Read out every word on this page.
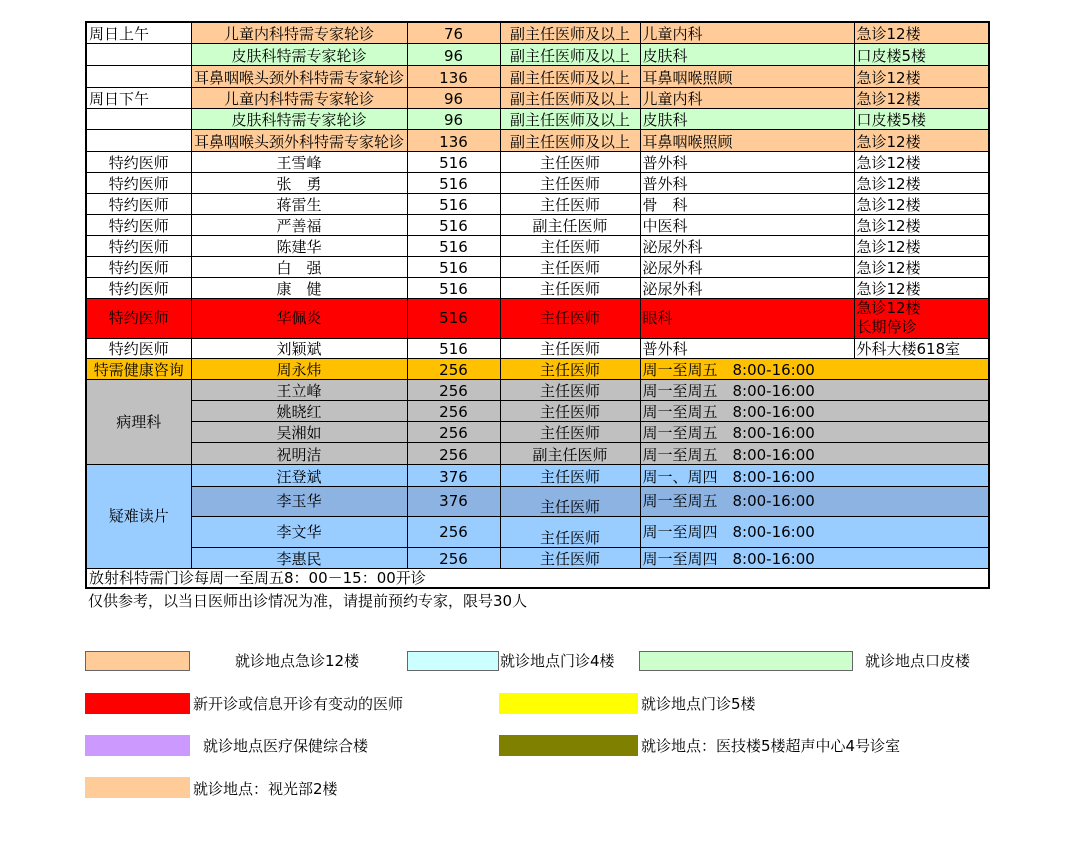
周日上午	儿童内科特需专家轮诊	76	副主任医师及以上	儿童内科	急诊12楼
	皮肤科特需专家轮诊	96	副主任医师及以上	皮肤科	口皮楼5楼
	耳鼻咽喉头颈外科特需专家轮诊	136	副主任医师及以上	耳鼻咽喉照顾	急诊12楼
周日下午	儿童内科特需专家轮诊	96	副主任医师及以上	儿童内科	急诊12楼
	皮肤科特需专家轮诊	96	副主任医师及以上	皮肤科	口皮楼5楼
	耳鼻咽喉头颈外科特需专家轮诊	136	副主任医师及以上	耳鼻咽喉照顾	急诊12楼
特约医师	王雪峰	516	主任医师	普外科	急诊12楼
特约医师	张　勇	516	主任医师	普外科	急诊12楼
特约医师	蒋雷生	516	主任医师	骨　科	急诊12楼
特约医师	严善福	516	副主任医师	中医科	急诊12楼
特约医师	陈建华	516	主任医师	泌尿外科	急诊12楼
特约医师	白　强	516	主任医师	泌尿外科	急诊12楼
特约医师	康　健	516	主任医师	泌尿外科	急诊12楼
特约医师	华佩炎	516	主任医师	眼科	急诊12楼
长期停诊

特约医师	刘颖斌	516	主任医师	普外科	外科大楼618室
特需健康咨询	周永炜	256	主任医师	周一至周五　8:00-16:00	
病理科	王立峰	256	主任医师	周一至周五　8:00-16:00	
	姚晓红	256	主任医师	周一至周五　8:00-16:00	
	吴湘如	256	主任医师	周一至周五　8:00-16:00	
	祝明洁	256	副主任医师	周一至周五　8:00-16:00	
疑难读片	汪登斌	376	主任医师	周一、周四　8:00-16:00	
	李玉华	376	主任医师	周一至周五　8:00-16:00	
	李文华	256	主任医师	周一至周四　8:00-16:00	
	李惠民	256	主任医师	周一至周四　8:00-16:00	
放射科特需门诊每周一至周五8：00－15：00开诊					
仅供参考，以当日医师出诊情况为准，请提前预约专家，限号30人
就诊地点急诊12楼	就诊地点门诊4楼	就诊地点口皮楼
新开诊或信息开诊有变动的医师	就诊地点门诊5楼
就诊地点医疗保健综合楼	就诊地点：医技楼5楼超声中心4号诊室
就诊地点：视光部2楼
